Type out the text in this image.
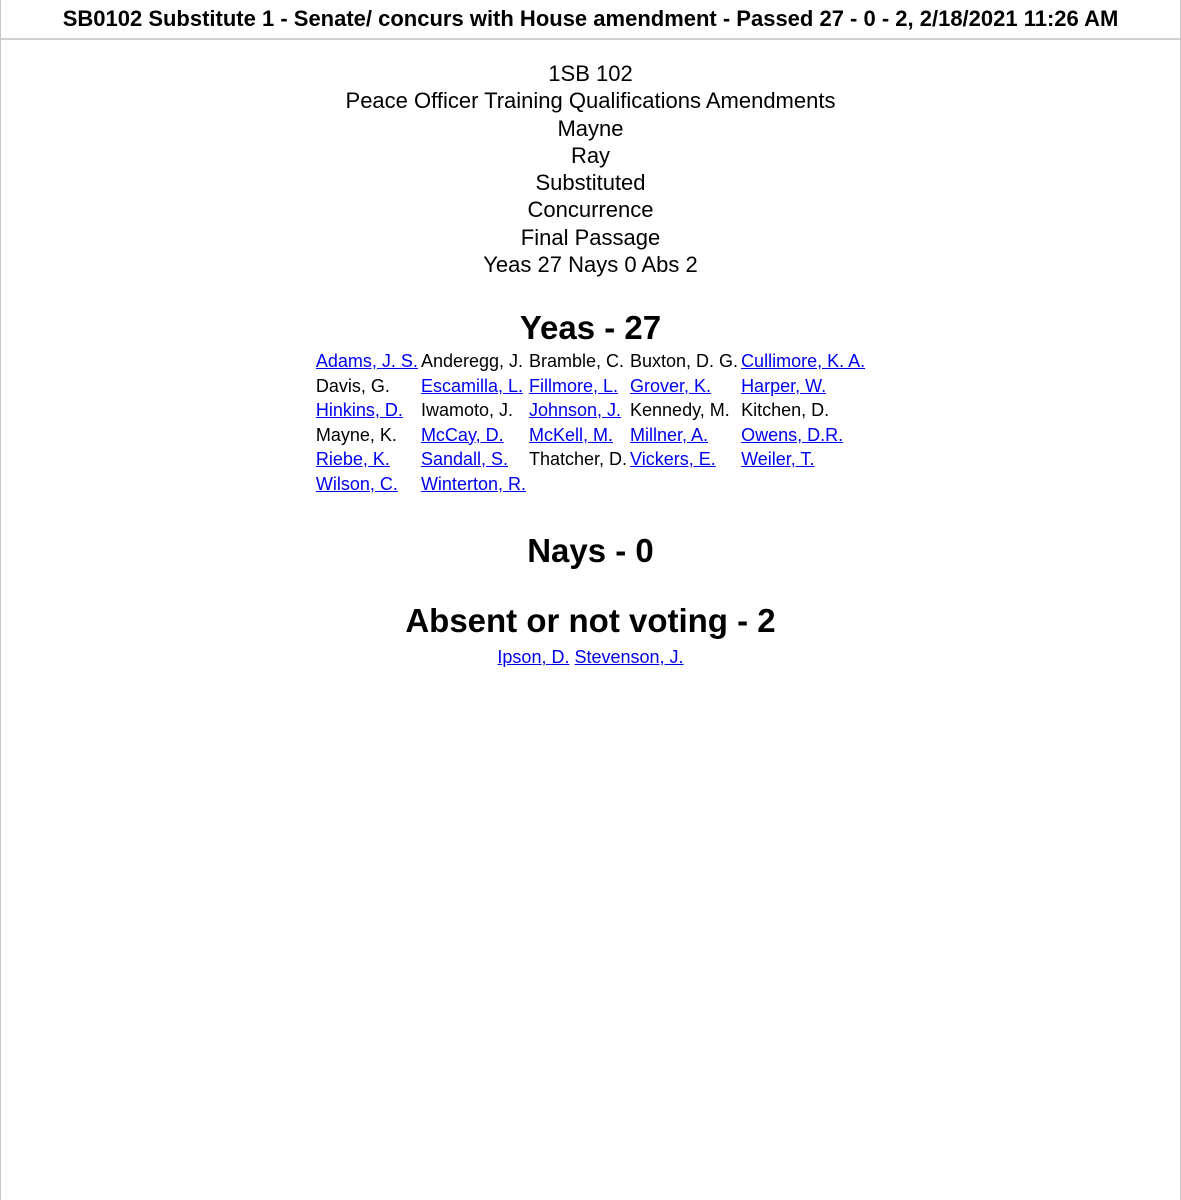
SB0102 Substitute 1 - Senate/ concurs with House amendment - Passed 27 - 0 - 2, 2/18/2021 11:26 AM
1SB 102
Peace Officer Training Qualifications Amendments
Mayne
Ray
Substituted
Concurrence
Final Passage
Yeas 27 Nays 0 Abs 2
Yeas - 27
Adams, J. S.	Anderegg, J.	Bramble, C.	Buxton, D. G.	Cullimore, K. A.
Davis, G.	Escamilla, L.	Fillmore, L.	Grover, K.	Harper, W.
Hinkins, D.	Iwamoto, J.	Johnson, J.	Kennedy, M.	Kitchen, D.
Mayne, K.	McCay, D.	McKell, M.	Millner, A.	Owens, D.R.
Riebe, K.	Sandall, S.	Thatcher, D.	Vickers, E.	Weiler, T.
Wilson, C.	Winterton, R.			
Nays - 0
Absent or not voting - 2
Ipson, D. Stevenson, J.
